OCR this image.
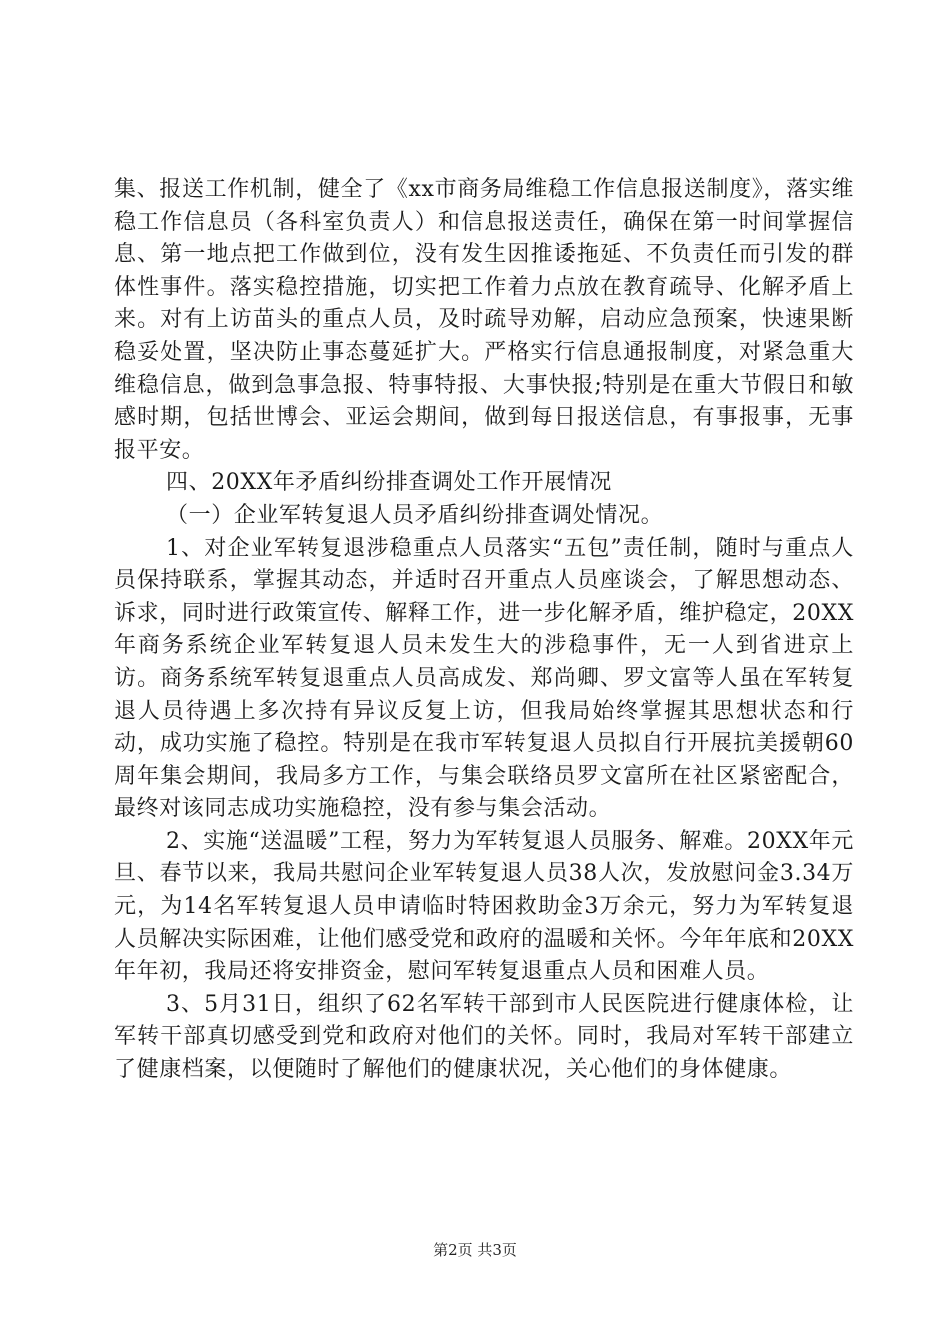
集、报送工作机制，健全了《xx市商务局维稳工作信息报送制度》，落实维稳工作信息员（各科室负责人）和信息报送责任，确保在第一时间掌握信息、第一地点把工作做到位，没有发生因推诿拖延、不负责任而引发的群体性事件。落实稳控措施，切实把工作着力点放在教育疏导、化解矛盾上来。对有上访苗头的重点人员，及时疏导劝解，启动应急预案，快速果断稳妥处置，坚决防止事态蔓延扩大。严格实行信息通报制度，对紧急重大维稳信息，做到急事急报、特事特报、大事快报;特别是在重大节假日和敏感时期，包括世博会、亚运会期间，做到每日报送信息，有事报事，无事报平安。

四、20XX年矛盾纠纷排查调处工作开展情况

（一）企业军转复退人员矛盾纠纷排查调处情况。

1、对企业军转复退涉稳重点人员落实“五包”责任制，随时与重点人员保持联系，掌握其动态，并适时召开重点人员座谈会，了解思想动态、诉求，同时进行政策宣传、解释工作，进一步化解矛盾，维护稳定，20XX年商务系统企业军转复退人员未发生大的涉稳事件，无一人到省进京上访。商务系统军转复退重点人员高成发、郑尚卿、罗文富等人虽在军转复退人员待遇上多次持有异议反复上访，但我局始终掌握其思想状态和行动，成功实施了稳控。特别是在我市军转复退人员拟自行开展抗美援朝60周年集会期间，我局多方工作，与集会联络员罗文富所在社区紧密配合，最终对该同志成功实施稳控，没有参与集会活动。

2、实施“送温暖”工程，努力为军转复退人员服务、解难。20XX年元旦、春节以来，我局共慰问企业军转复退人员38人次，发放慰问金3.34万元，为14名军转复退人员申请临时特困救助金3万余元，努力为军转复退人员解决实际困难，让他们感受党和政府的温暖和关怀。今年年底和20XX年年初，我局还将安排资金，慰问军转复退重点人员和困难人员。

3、5月31日，组织了62名军转干部到市人民医院进行健康体检，让军转干部真切感受到党和政府对他们的关怀。同时，我局对军转干部建立了健康档案，以便随时了解他们的健康状况，关心他们的身体健康。

第2页 共3页
